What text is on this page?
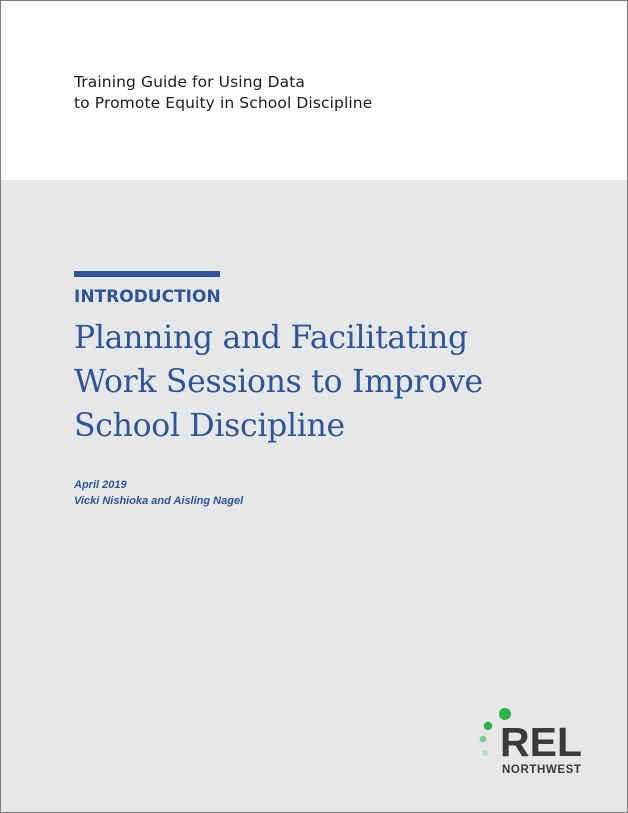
Training Guide for Using Data
to Promote Equity in School Discipline
INTRODUCTION
Planning and Facilitating
Work Sessions to Improve
School Discipline

April 2019
Vicki Nishioka and Aisling Nagel

REL
NORTHWEST
